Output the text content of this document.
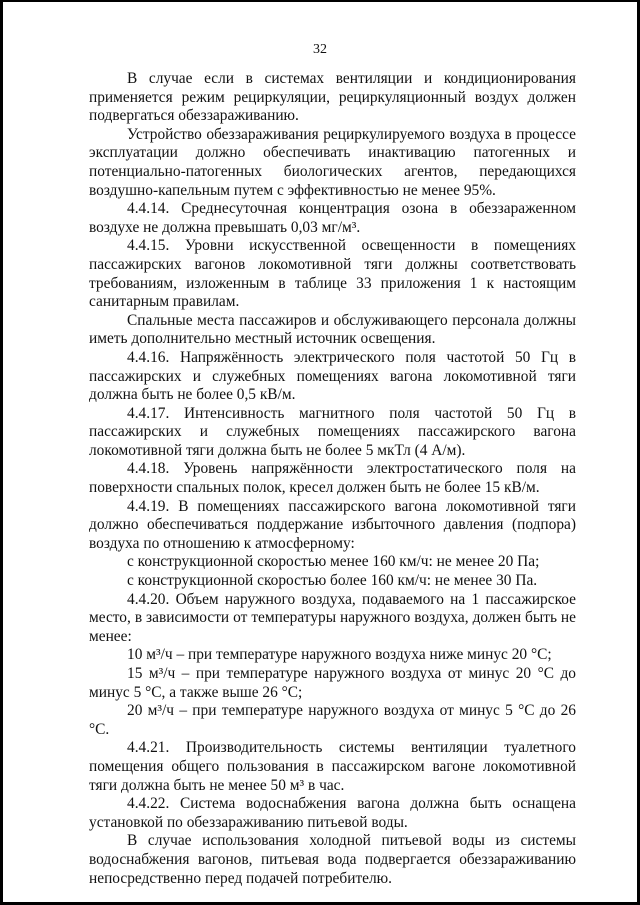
32

В случае если в системах вентиляции и кондиционирования применяется режим рециркуляции, рециркуляционный воздух должен подвергаться обеззараживанию.

Устройство обеззараживания рециркулируемого воздуха в процессе эксплуатации должно обеспечивать инактивацию патогенных и потенциально-патогенных биологических агентов, передающихся воздушно-капельным путем с эффективностью не менее 95%.

4.4.14. Среднесуточная концентрация озона в обеззараженном воздухе не должна превышать 0,03 мг/м³.

4.4.15. Уровни искусственной освещенности в помещениях пассажирских вагонов локомотивной тяги должны соответствовать требованиям, изложенным в таблице 33 приложения 1 к настоящим санитарным правилам.

Спальные места пассажиров и обслуживающего персонала должны иметь дополнительно местный источник освещения.

4.4.16. Напряжённость электрического поля частотой 50 Гц в пассажирских и служебных помещениях вагона локомотивной тяги должна быть не более 0,5 кВ/м.

4.4.17. Интенсивность магнитного поля частотой 50 Гц в пассажирских и служебных помещениях пассажирского вагона локомотивной тяги должна быть не более 5 мкТл (4 А/м).

4.4.18. Уровень напряжённости электростатического поля на поверхности спальных полок, кресел должен быть не более 15 кВ/м.

4.4.19. В помещениях пассажирского вагона локомотивной тяги должно обеспечиваться поддержание избыточного давления (подпора) воздуха по отношению к атмосферному:

с конструкционной скоростью менее 160 км/ч: не менее 20 Па;

с конструкционной скоростью более 160 км/ч: не менее 30 Па.

4.4.20. Объем наружного воздуха, подаваемого на 1 пассажирское место, в зависимости от температуры наружного воздуха, должен быть не менее:

10 м³/ч – при температуре наружного воздуха ниже минус 20 °С;

15 м³/ч – при температуре наружного воздуха от минус 20 °С до минус 5 °С, а также выше 26 °С;

20 м³/ч – при температуре наружного воздуха от минус 5 °С до 26 °С.

4.4.21. Производительность системы вентиляции туалетного помещения общего пользования в пассажирском вагоне локомотивной тяги должна быть не менее 50 м³ в час.

4.4.22. Система водоснабжения вагона должна быть оснащена установкой по обеззараживанию питьевой воды.

В случае использования холодной питьевой воды из системы водоснабжения вагонов, питьевая вода подвергается обеззараживанию непосредственно перед подачей потребителю.
